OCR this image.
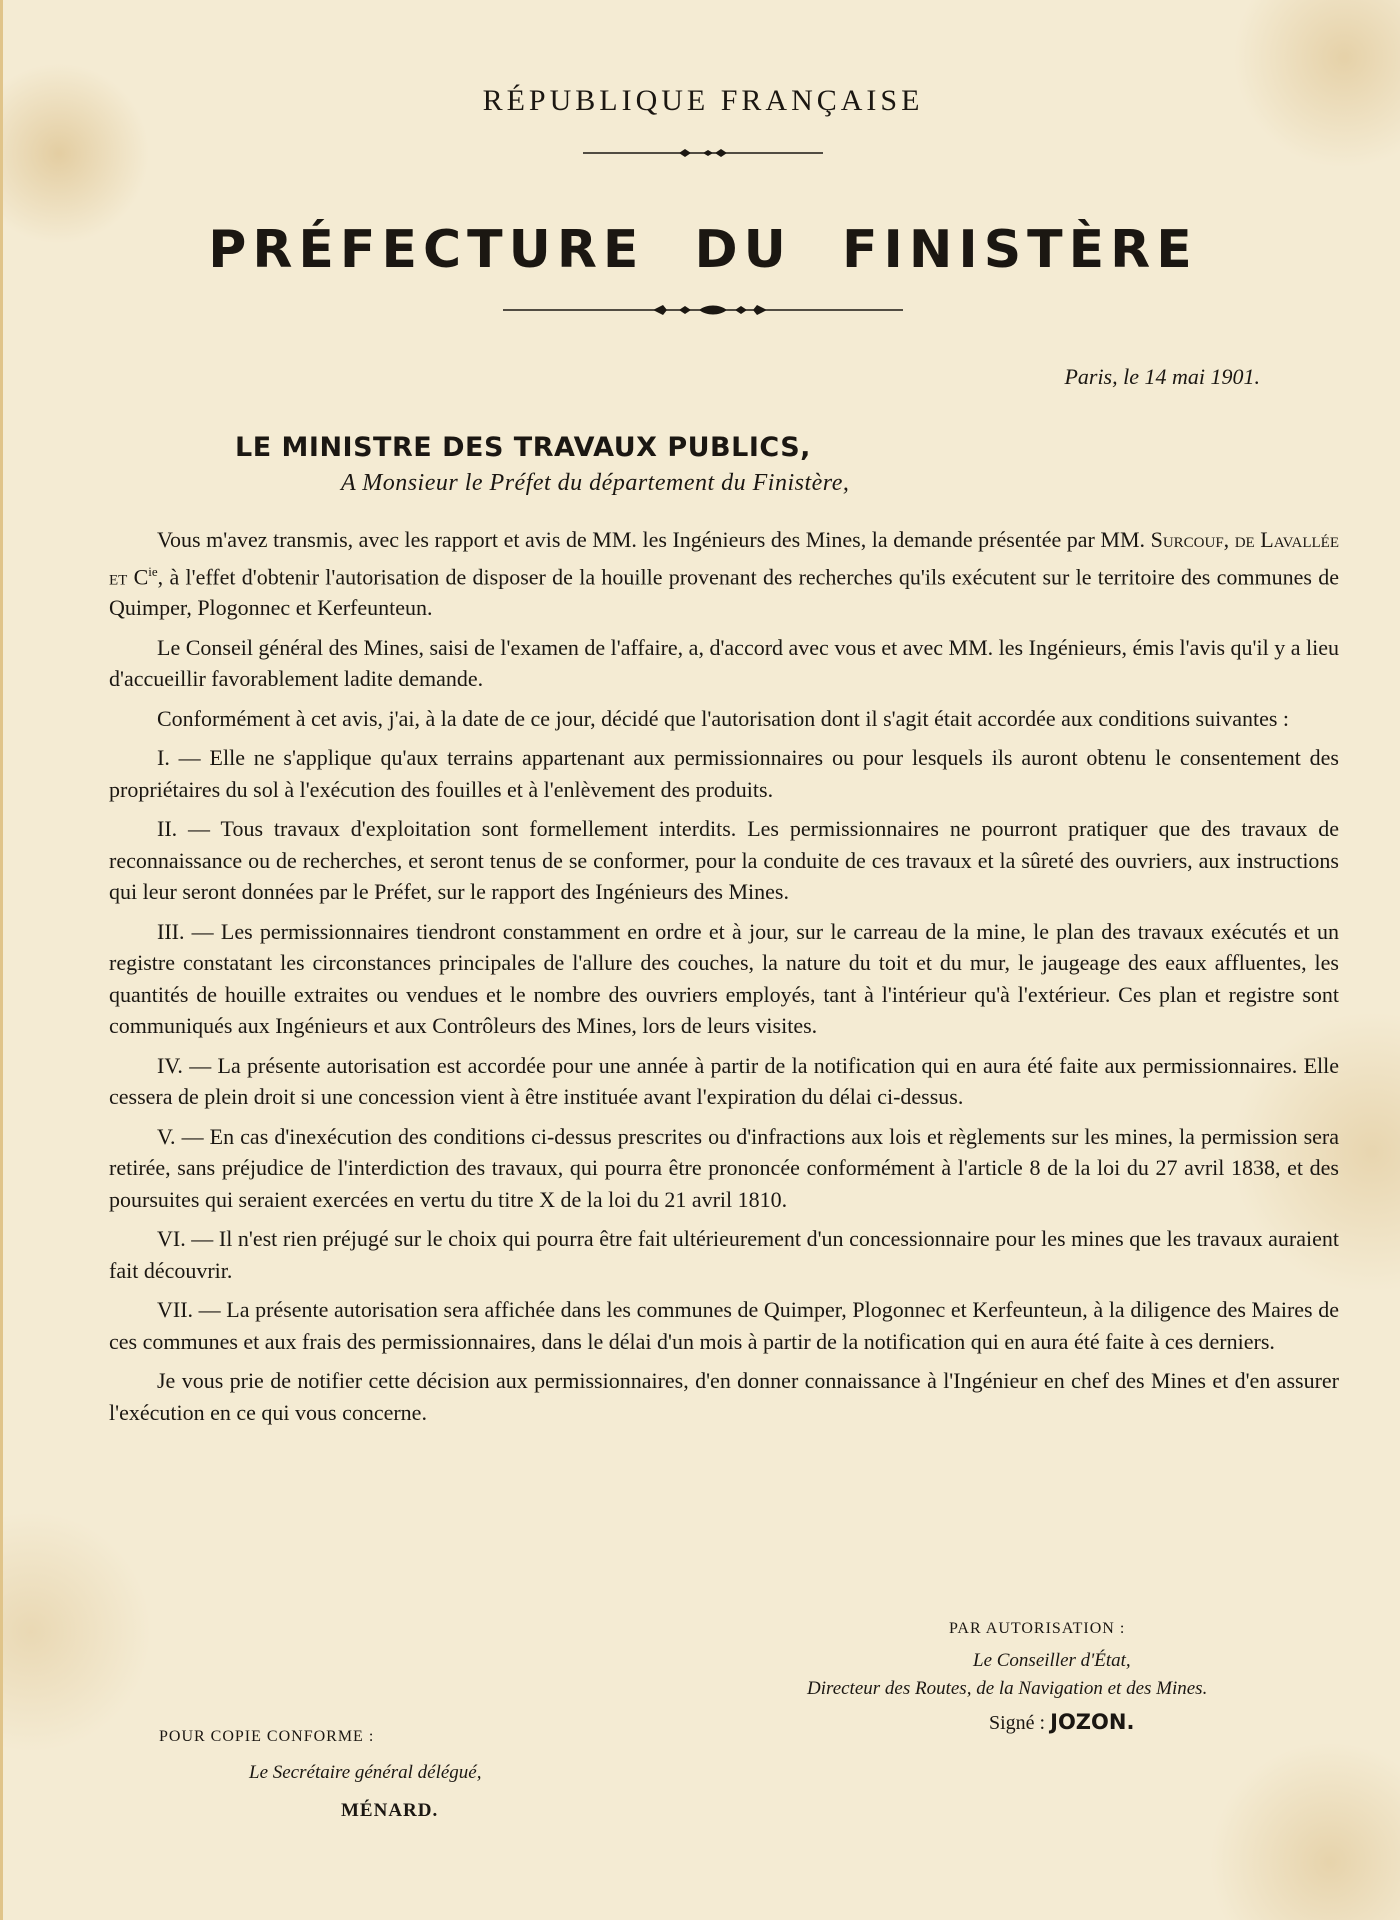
RÉPUBLIQUE FRANÇAISE
PRÉFECTURE DU FINISTÈRE
Paris, le 14 mai 1901.
LE MINISTRE DES TRAVAUX PUBLICS,
A Monsieur le Préfet du département du Finistère,

Vous m'avez transmis, avec les rapport et avis de MM. les Ingénieurs des Mines, la demande présentée par MM. Surcouf, de Lavallée et $C^{ie}$, à l'effet d'obtenir l'autorisation de disposer de la houille provenant des recherches qu'ils exécutent sur le territoire des communes de Quimper, Plogonnec et Kerfeunteun.

Le Conseil général des Mines, saisi de l'examen de l'affaire, a, d'accord avec vous et avec MM. les Ingénieurs, émis l'avis qu'il y a lieu d'accueillir favorablement ladite demande.

Conformément à cet avis, j'ai, à la date de ce jour, décidé que l'autorisation dont il s'agit était accordée aux conditions suivantes :

I. — Elle ne s'applique qu'aux terrains appartenant aux permissionnaires ou pour lesquels ils auront obtenu le consentement des propriétaires du sol à l'exécution des fouilles et à l'enlèvement des produits.

II. — Tous travaux d'exploitation sont formellement interdits. Les permissionnaires ne pourront pratiquer que des travaux de reconnaissance ou de recherches, et seront tenus de se conformer, pour la conduite de ces travaux et la sûreté des ouvriers, aux instructions qui leur seront données par le Préfet, sur le rapport des Ingénieurs des Mines.

III. — Les permissionnaires tiendront constamment en ordre et à jour, sur le carreau de la mine, le plan des travaux exécutés et un registre constatant les circonstances principales de l'allure des couches, la nature du toit et du mur, le jaugeage des eaux affluentes, les quantités de houille extraites ou vendues et le nombre des ouvriers employés, tant à l'intérieur qu'à l'extérieur. Ces plan et registre sont communiqués aux Ingénieurs et aux Contrôleurs des Mines, lors de leurs visites.

IV. — La présente autorisation est accordée pour une année à partir de la notification qui en aura été faite aux permissionnaires. Elle cessera de plein droit si une concession vient à être instituée avant l'expiration du délai ci-dessus.

V. — En cas d'inexécution des conditions ci-dessus prescrites ou d'infractions aux lois et règlements sur les mines, la permission sera retirée, sans préjudice de l'interdiction des travaux, qui pourra être prononcée conformément à l'article 8 de la loi du 27 avril 1838, et des poursuites qui seraient exercées en vertu du titre X de la loi du 21 avril 1810.

VI. — Il n'est rien préjugé sur le choix qui pourra être fait ultérieurement d'un concessionnaire pour les mines que les travaux auraient fait découvrir.

VII. — La présente autorisation sera affichée dans les communes de Quimper, Plogonnec et Kerfeunteun, à la diligence des Maires de ces communes et aux frais des permissionnaires, dans le délai d'un mois à partir de la notification qui en aura été faite à ces derniers.

Je vous prie de notifier cette décision aux permissionnaires, d'en donner connaissance à l'Ingénieur en chef des Mines et d'en assurer l'exécution en ce qui vous concerne.

PAR AUTORISATION :
Le Conseiller d'État,
Directeur des Routes, de la Navigation et des Mines.
Signé : JOZON.
POUR COPIE CONFORME :
Le Secrétaire général délégué,
MÉNARD.
